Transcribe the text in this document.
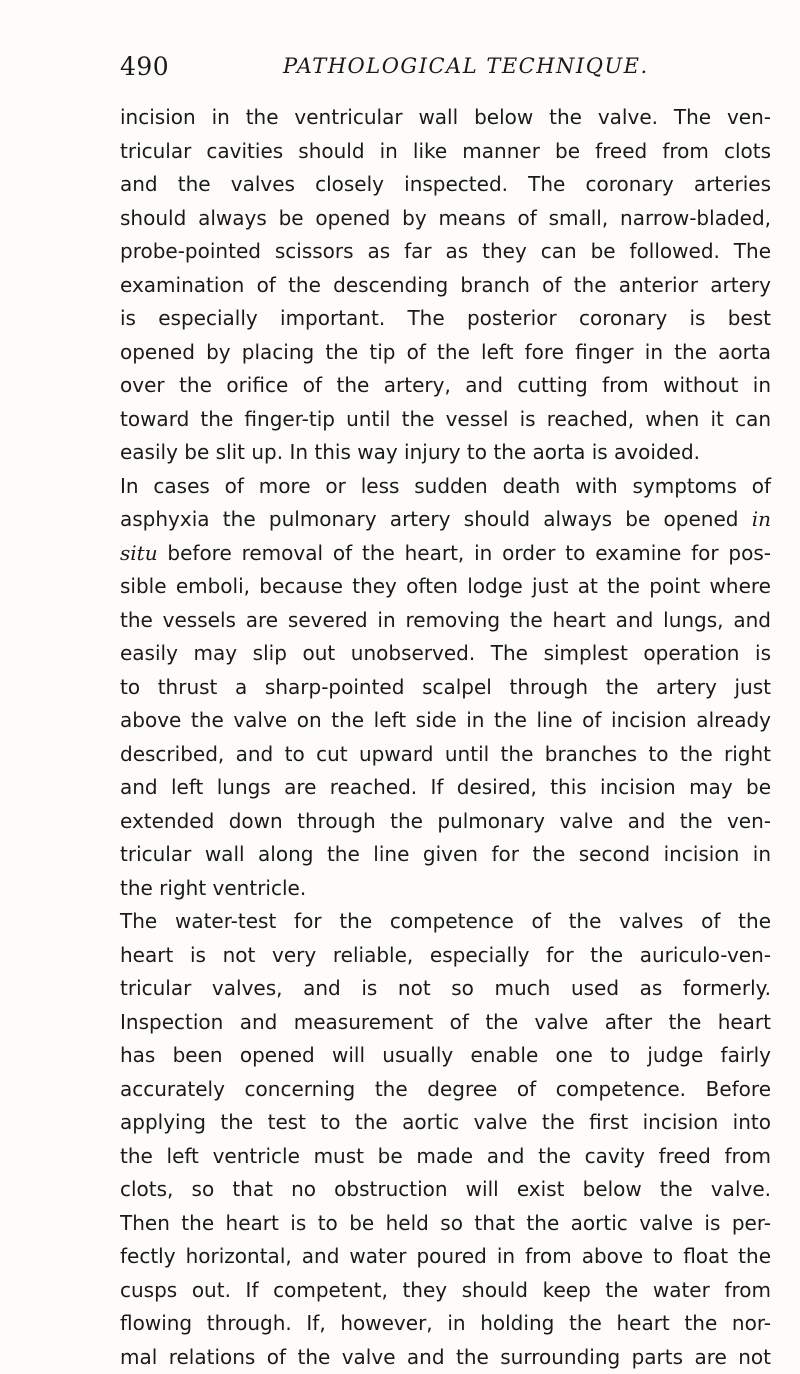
490	PATHOLOGICAL TECHNIQUE.
incision in the ventricular wall below the valve. The ven-
tricular cavities should in like manner be freed from clots
and the valves closely inspected. The coronary arteries
should always be opened by means of small, narrow-bladed,
probe-pointed scissors as far as they can be followed. The
examination of the descending branch of the anterior artery
is especially important. The posterior coronary is best
opened by placing the tip of the left fore finger in the aorta
over the orifice of the artery, and cutting from without in
toward the finger-tip until the vessel is reached, when it can
easily be slit up. In this way injury to the aorta is avoided.
In cases of more or less sudden death with symptoms of
asphyxia the pulmonary artery should always be opened in
situ before removal of the heart, in order to examine for pos-
sible emboli, because they often lodge just at the point where
the vessels are severed in removing the heart and lungs, and
easily may slip out unobserved. The simplest operation is
to thrust a sharp-pointed scalpel through the artery just
above the valve on the left side in the line of incision already
described, and to cut upward until the branches to the right
and left lungs are reached. If desired, this incision may be
extended down through the pulmonary valve and the ven-
tricular wall along the line given for the second incision in
the right ventricle.
The water-test for the competence of the valves of the
heart is not very reliable, especially for the auriculo-ven-
tricular valves, and is not so much used as formerly.
Inspection and measurement of the valve after the heart
has been opened will usually enable one to judge fairly
accurately concerning the degree of competence. Before
applying the test to the aortic valve the first incision into
the left ventricle must be made and the cavity freed from
clots, so that no obstruction will exist below the valve.
Then the heart is to be held so that the aortic valve is per-
fectly horizontal, and water poured in from above to float the
cusps out. If competent, they should keep the water from
flowing through. If, however, in holding the heart the nor-
mal relations of the valve and the surrounding parts are not
